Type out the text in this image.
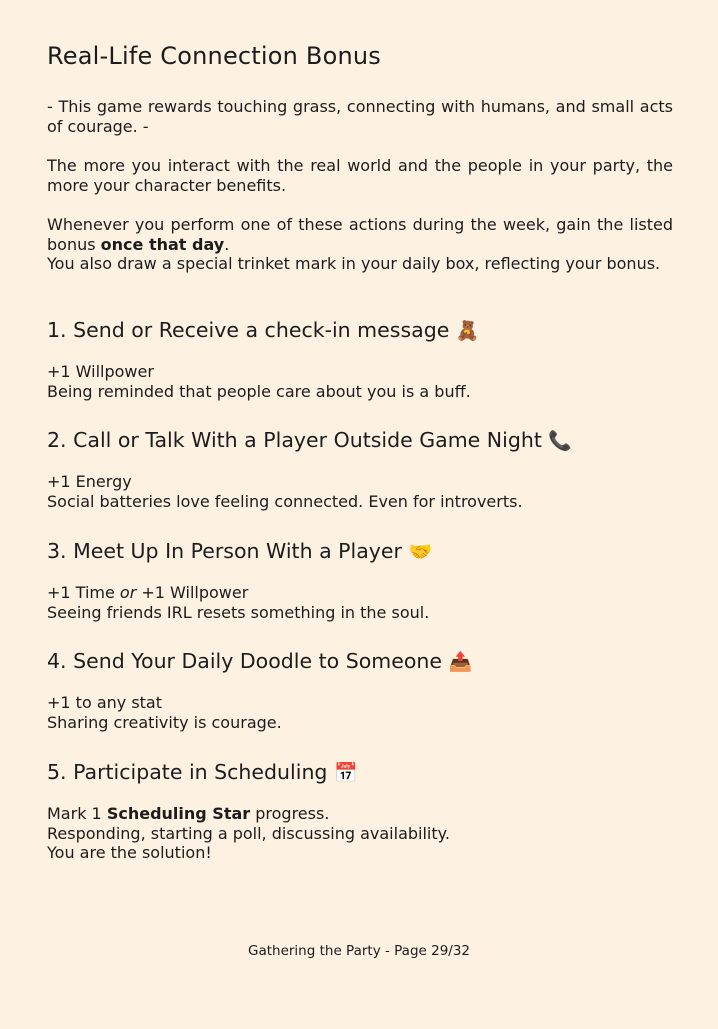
Real-Life Connection Bonus

- This game rewards touching grass, connecting with humans, and small acts of courage. -

The more you interact with the real world and the people in your party, the more your character benefits.

Whenever you perform one of these actions during the week, gain the listed bonus once that day.
You also draw a special trinket mark in your daily box, reflecting your bonus.

1. Send or Receive a check-in message 🧸
+1 Willpower
Being reminded that people care about you is a buff.
2. Call or Talk With a Player Outside Game Night 📞
+1 Energy
Social batteries love feeling connected. Even for introverts.
3. Meet Up In Person With a Player 🤝
+1 Time or +1 Willpower
Seeing friends IRL resets something in the soul.
4. Send Your Daily Doodle to Someone 📤
+1 to any stat
Sharing creativity is courage.
5. Participate in Scheduling 📅
Mark 1 Scheduling Star progress.
Responding, starting a poll, discussing availability.
You are the solution!
Gathering the Party - Page 29/32
